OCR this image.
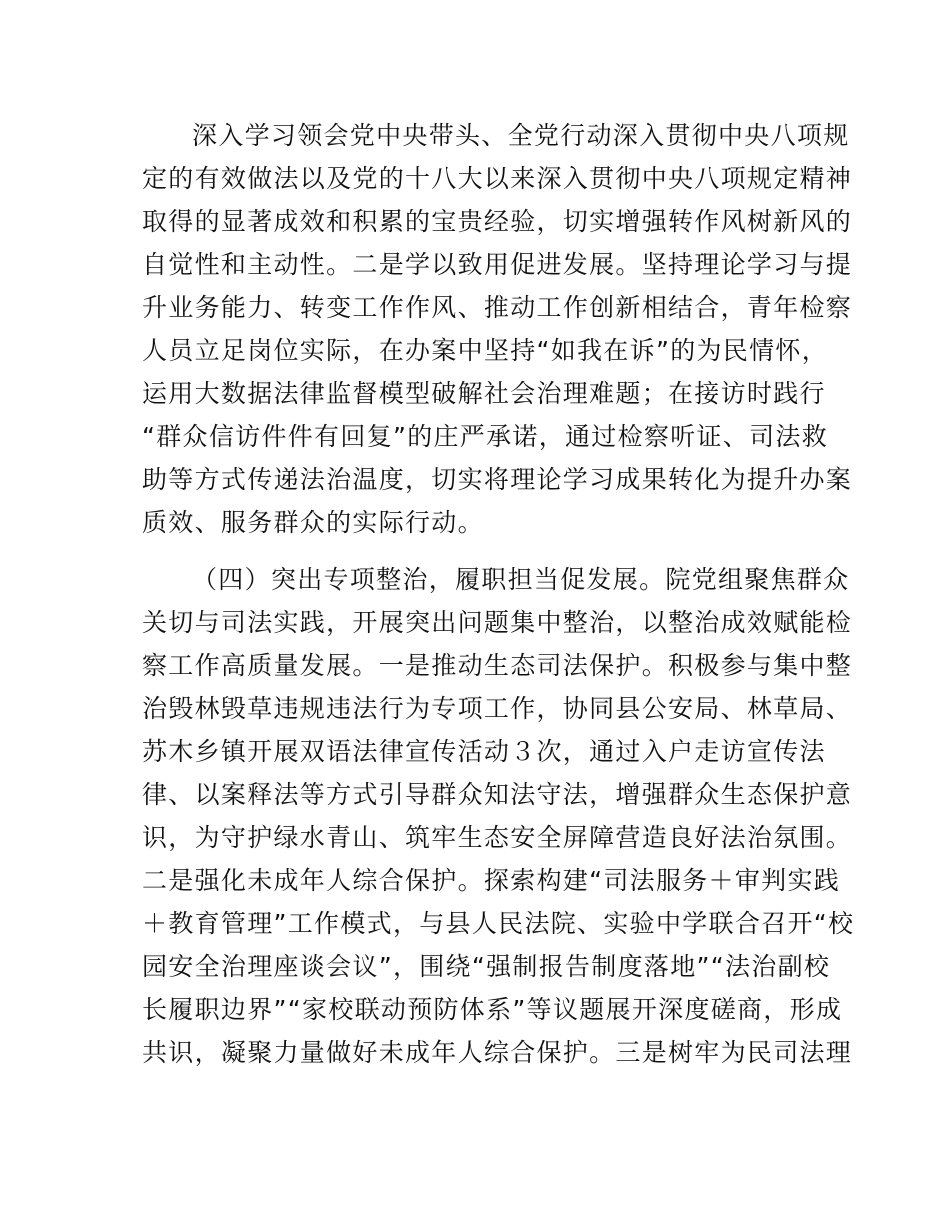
深入学习领会党中央带头、全党行动深入贯彻中央八项规

定的有效做法以及党的十八大以来深入贯彻中央八项规定精神

取得的显著成效和积累的宝贵经验，切实增强转作风树新风的

自觉性和主动性。二是学以致用促进发展。坚持理论学习与提

升业务能力、转变工作作风、推动工作创新相结合，青年检察

人员立足岗位实际，在办案中坚持“如我在诉”的为民情怀，

运用大数据法律监督模型破解社会治理难题；在接访时践行

“群众信访件件有回复”的庄严承诺，通过检察听证、司法救

助等方式传递法治温度，切实将理论学习成果转化为提升办案

质效、服务群众的实际行动。

（四）突出专项整治，履职担当促发展。院党组聚焦群众

关切与司法实践，开展突出问题集中整治，以整治成效赋能检

察工作高质量发展。一是推动生态司法保护。积极参与集中整

治毁林毁草违规违法行为专项工作，协同县公安局、林草局、

苏木乡镇开展双语法律宣传活动３次，通过入户走访宣传法

律、以案释法等方式引导群众知法守法，增强群众生态保护意

识，为守护绿水青山、筑牢生态安全屏障营造良好法治氛围。

二是强化未成年人综合保护。探索构建“司法服务＋审判实践

＋教育管理”工作模式，与县人民法院、实验中学联合召开“校

园安全治理座谈会议”，围绕“强制报告制度落地”“法治副校

长履职边界”“家校联动预防体系”等议题展开深度磋商，形成

共识，凝聚力量做好未成年人综合保护。三是树牢为民司法理
